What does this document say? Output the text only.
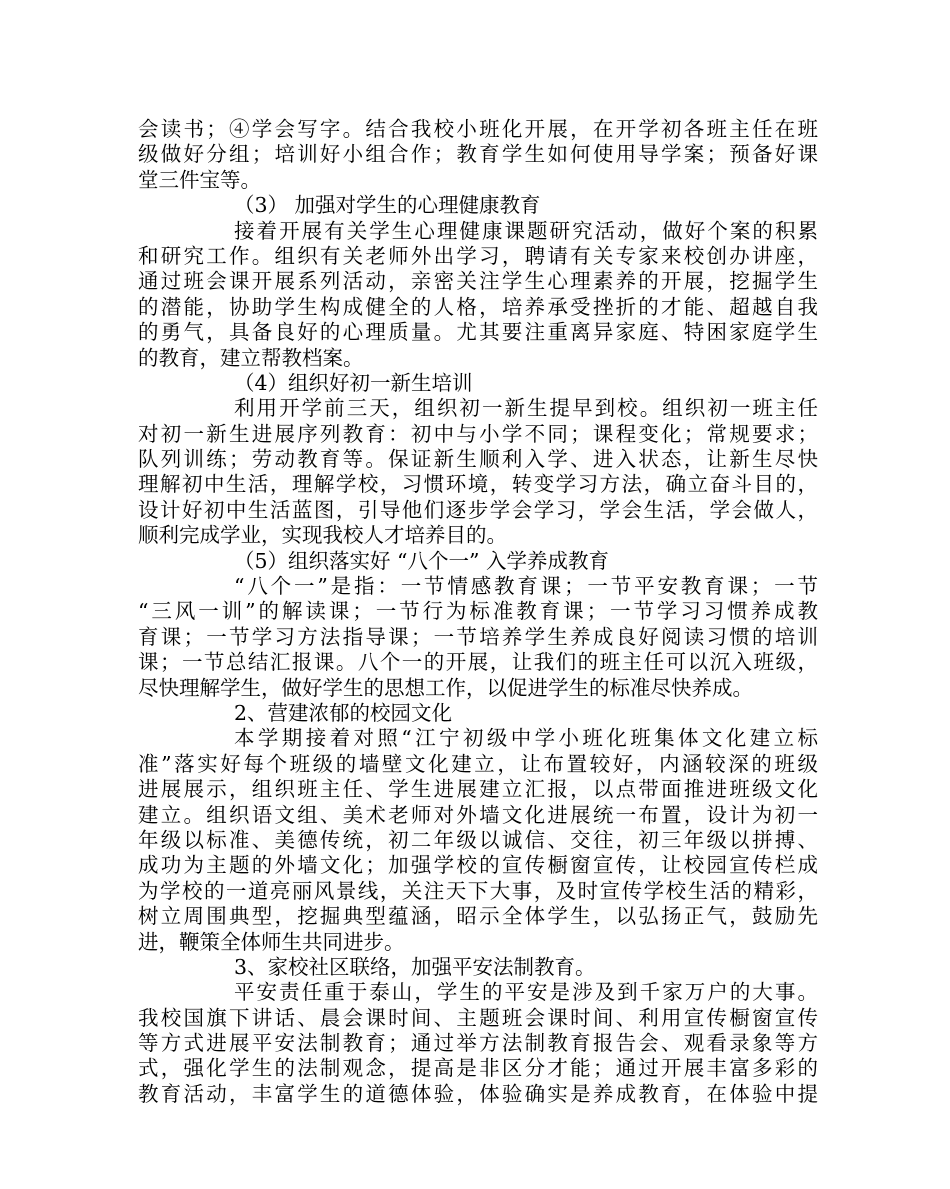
会读书；④学会写字。结合我校小班化开展，在开学初各班主任在班
级做好分组；培训好小组合作；教育学生如何使用导学案；预备好课
堂三件宝等。
（3） 加强对学生的心理健康教育
接着开展有关学生心理健康课题研究活动，做好个案的积累
和研究工作。组织有关老师外出学习，聘请有关专家来校创办讲座，
通过班会课开展系列活动，亲密关注学生心理素养的开展，挖掘学生
的潜能，协助学生构成健全的人格，培养承受挫折的才能、超越自我
的勇气，具备良好的心理质量。尤其要注重离异家庭、特困家庭学生
的教育，建立帮教档案。
（4）组织好初一新生培训
利用开学前三天，组织初一新生提早到校。组织初一班主任
对初一新生进展序列教育：初中与小学不同；课程变化；常规要求；
队列训练；劳动教育等。保证新生顺利入学、进入状态，让新生尽快
理解初中生活，理解学校，习惯环境，转变学习方法，确立奋斗目的，
设计好初中生活蓝图，引导他们逐步学会学习，学会生活，学会做人，
顺利完成学业，实现我校人才培养目的。
（5）组织落实好 “八个一” 入学养成教育
“八个一”是指：一节情感教育课；一节平安教育课；一节
“三风一训”的解读课；一节行为标准教育课；一节学习习惯养成教
育课；一节学习方法指导课；一节培养学生养成良好阅读习惯的培训
课；一节总结汇报课。八个一的开展，让我们的班主任可以沉入班级，
尽快理解学生，做好学生的思想工作，以促进学生的标准尽快养成。
2、营建浓郁的校园文化
本学期接着对照“江宁初级中学小班化班集体文化建立标
准”落实好每个班级的墙壁文化建立，让布置较好，内涵较深的班级
进展展示，组织班主任、学生进展建立汇报，以点带面推进班级文化
建立。组织语文组、美术老师对外墙文化进展统一布置，设计为初一
年级以标准、美德传统，初二年级以诚信、交往，初三年级以拼搏、
成功为主题的外墙文化；加强学校的宣传橱窗宣传，让校园宣传栏成
为学校的一道亮丽风景线，关注天下大事，及时宣传学校生活的精彩，
树立周围典型，挖掘典型蕴涵，昭示全体学生，以弘扬正气，鼓励先
进，鞭策全体师生共同进步。
3、家校社区联络，加强平安法制教育。
平安责任重于泰山，学生的平安是涉及到千家万户的大事。
我校国旗下讲话、晨会课时间、主题班会课时间、利用宣传橱窗宣传
等方式进展平安法制教育；通过举方法制教育报告会、观看录象等方
式，强化学生的法制观念，提高是非区分才能；通过开展丰富多彩的
教育活动，丰富学生的道德体验，体验确实是养成教育，在体验中提
